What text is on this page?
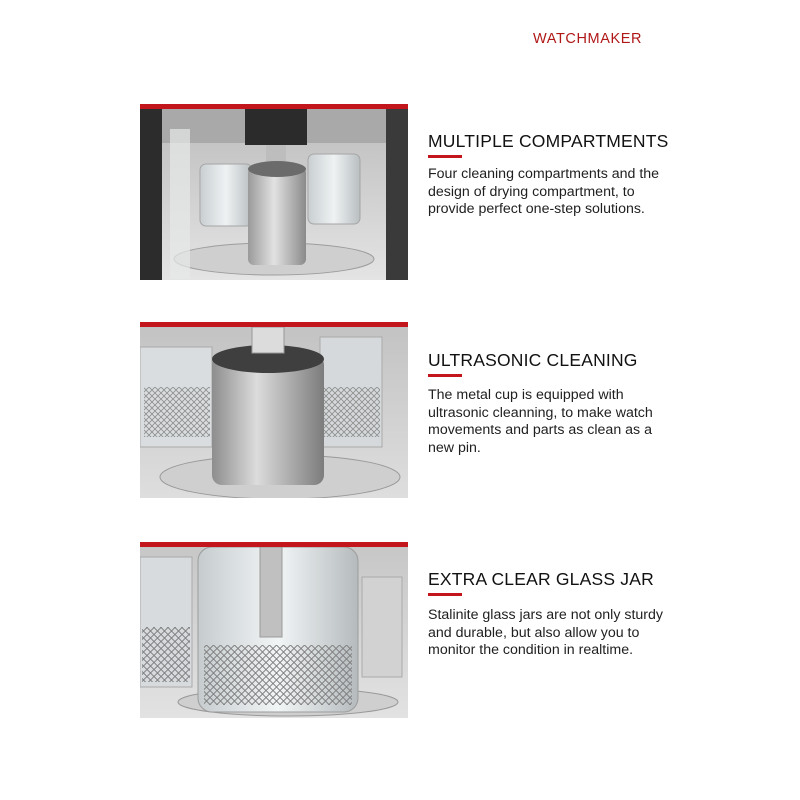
WATCHMAKER
MULTIPLE COMPARTMENTS
Four cleaning compartments and the design of drying compartment, to provide perfect one-step solutions.
ULTRASONIC CLEANING
The metal cup is equipped with ultrasonic cleanning, to make watch movements and parts as clean as a new pin.
EXTRA CLEAR GLASS JAR
Stalinite glass jars are not only sturdy and durable, but also allow you to monitor the condition in realtime.
